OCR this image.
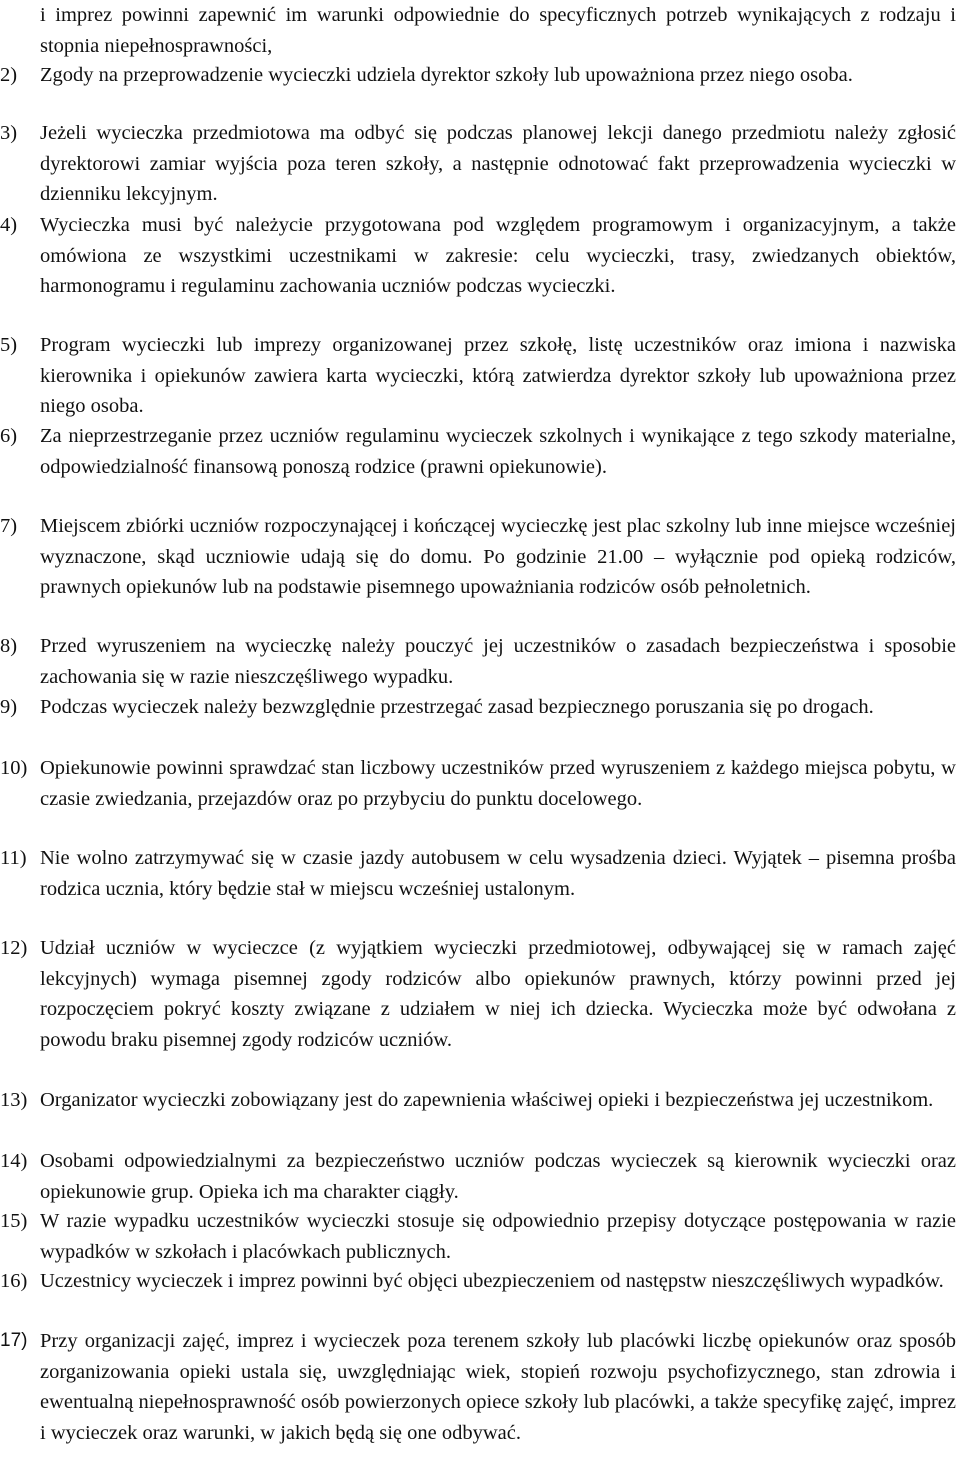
i imprez powinni zapewnić im warunki odpowiednie do specyficznych potrzeb wynikających z rodzaju i stopnia niepełnosprawności,

2)	Zgody na przeprowadzenie wycieczki udziela dyrektor szkoły lub upoważniona przez niego osoba.

3)	Jeżeli wycieczka przedmiotowa ma odbyć się podczas planowej lekcji danego przedmiotu należy zgłosić dyrektorowi zamiar wyjścia poza teren szkoły, a następnie odnotować fakt przeprowadzenia wycieczki w dzienniku lekcyjnym.

4)	Wycieczka musi być należycie przygotowana pod względem programowym i organizacyjnym, a także omówiona ze wszystkimi uczestnikami w zakresie: celu wycieczki, trasy, zwiedzanych obiektów, harmonogramu i regulaminu zachowania uczniów podczas wycieczki.

5)	Program wycieczki lub imprezy organizowanej przez szkołę, listę uczestników oraz imiona i nazwiska kierownika i opiekunów zawiera karta wycieczki, którą zatwierdza dyrektor szkoły lub upoważniona przez niego osoba.

6)	Za nieprzestrzeganie przez uczniów regulaminu wycieczek szkolnych i wynikające z tego szkody materialne, odpowiedzialność finansową ponoszą rodzice (prawni opiekunowie).

7)	Miejscem zbiórki uczniów rozpoczynającej i kończącej wycieczkę jest plac szkolny lub inne miejsce wcześniej wyznaczone, skąd uczniowie udają się do domu. Po godzinie 21.00 – wyłącznie pod opieką rodziców, prawnych opiekunów lub na podstawie pisemnego upoważniania rodziców osób pełnoletnich.

8)	Przed wyruszeniem na wycieczkę należy pouczyć jej uczestników o zasadach bezpieczeństwa i sposobie zachowania się w razie nieszczęśliwego wypadku.

9)	Podczas wycieczek należy bezwzględnie przestrzegać zasad bezpiecznego poruszania się po drogach.

10) Opiekunowie powinni sprawdzać stan liczbowy uczestników przed wyruszeniem z każdego miejsca pobytu, w czasie zwiedzania, przejazdów oraz po przybyciu do punktu docelowego.

11) Nie wolno zatrzymywać się w czasie jazdy autobusem w celu wysadzenia dzieci. Wyjątek – pisemna prośba rodzica ucznia, który będzie stał w miejscu wcześniej ustalonym.

12) Udział uczniów w wycieczce (z wyjątkiem wycieczki przedmiotowej, odbywającej się w ramach zajęć lekcyjnych) wymaga pisemnej zgody rodziców albo opiekunów prawnych, którzy powinni przed jej rozpoczęciem pokryć koszty związane z udziałem w niej ich dziecka. Wycieczka może być odwołana z powodu braku pisemnej zgody rodziców uczniów.

13) Organizator wycieczki zobowiązany jest do zapewnienia właściwej opieki i bezpieczeństwa jej uczestnikom.

14) Osobami odpowiedzialnymi za bezpieczeństwo uczniów podczas wycieczek są kierownik wycieczki oraz opiekunowie grup. Opieka ich ma charakter ciągły.

15) W razie wypadku uczestników wycieczki stosuje się odpowiednio przepisy dotyczące postępowania w razie wypadków w szkołach i placówkach publicznych.

16) Uczestnicy wycieczek i imprez powinni być objęci ubezpieczeniem od następstw nieszczęśliwych wypadków.

17) Przy organizacji zajęć, imprez i wycieczek poza terenem szkoły lub placówki liczbę opiekunów oraz sposób zorganizowania opieki ustala się, uwzględniając wiek, stopień rozwoju psychofizycznego, stan zdrowia i ewentualną niepełnosprawność osób powierzonych opiece szkoły lub placówki, a także specyfikę zajęć, imprez i wycieczek oraz warunki, w jakich będą się one odbywać.
